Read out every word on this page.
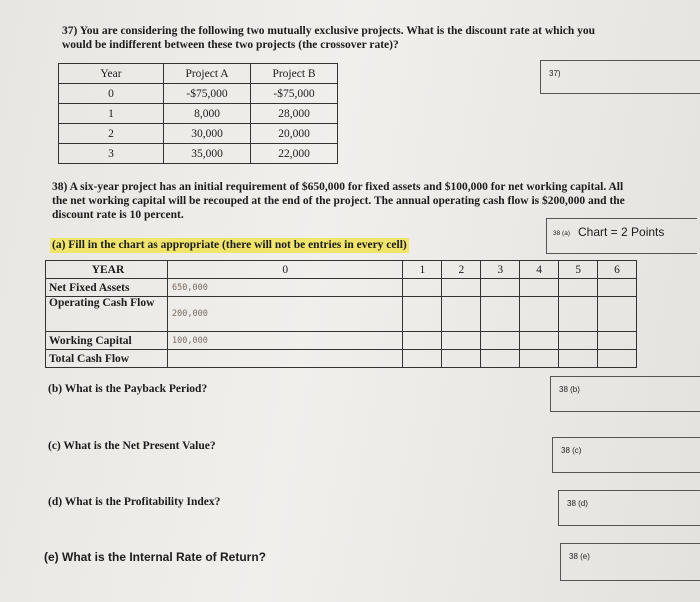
37) You are considering the following two mutually exclusive projects. What is the discount rate at which you would be indifferent between these two projects (the crossover rate)?
Year	Project A	Project B
0	-$75,000	-$75,000
1	8,000	28,000
2	30,000	20,000
3	35,000	22,000
37)
38) A six-year project has an initial requirement of $650,000 for fixed assets and $100,000 for net working capital. All the net working capital will be recouped at the end of the project. The annual operating cash flow is $200,000 and the discount rate is 10 percent.
38 (a) Chart = 2 Points
(a) Fill in the chart as appropriate (there will not be entries in every cell)
YEAR	0	1	2	3	4	5	6
Net Fixed Assets	650,000						
Operating Cash Flow	200,000						
Working Capital	100,000						
Total Cash Flow							
(b) What is the Payback Period?	38 (b)
(c) What is the Net Present Value?	38 (c)
(d) What is the Profitability Index?	38 (d)
(e) What is the Internal Rate of Return?	38 (e)
